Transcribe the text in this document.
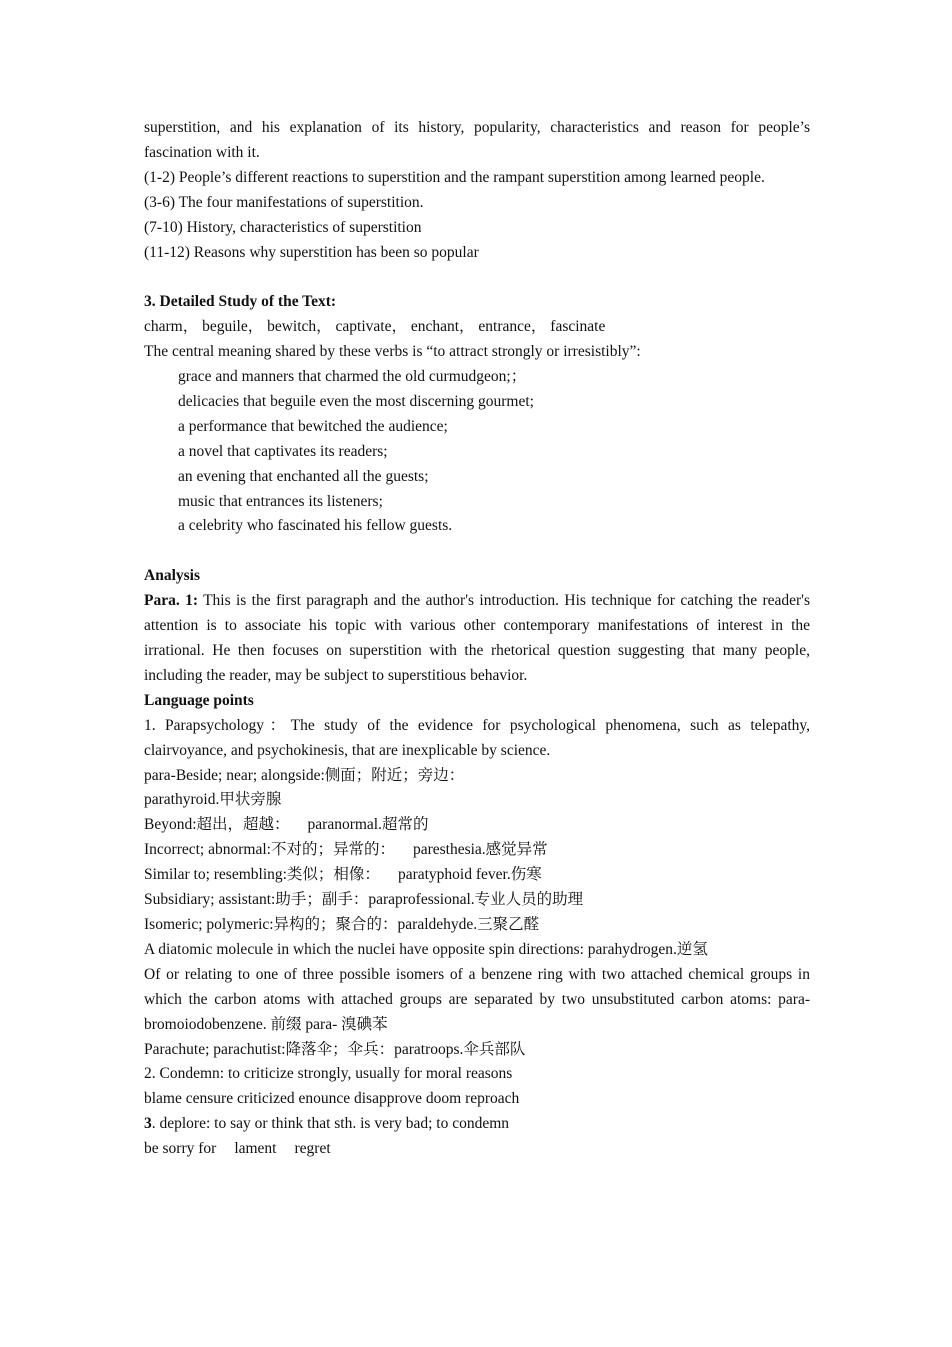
superstition, and his explanation of its history, popularity, characteristics and reason for people’s fascination with it.

(1-2) People’s different reactions to superstition and the rampant superstition among learned people.

(3-6) The four manifestations of superstition.

(7-10) History, characteristics of superstition

(11-12) Reasons why superstition has been so popular

3. Detailed Study of the Text:

charm， beguile， bewitch， captivate， enchant， entrance， fascinate

The central meaning shared by these verbs is “to attract strongly or irresistibly”:

grace and manners that charmed the old curmudgeon;；

delicacies that beguile even the most discerning gourmet;

a performance that bewitched the audience;

a novel that captivates its readers;

an evening that enchanted all the guests;

music that entrances its listeners;

a celebrity who fascinated his fellow guests.

Analysis

Para. 1: This is the first paragraph and the author's introduction. His technique for catching the reader's attention is to associate his topic with various other contemporary manifestations of interest in the irrational. He then focuses on superstition with the rhetorical question suggesting that many people, including the reader, may be subject to superstitious behavior.

Language points

1. Parapsychology：The study of the evidence for psychological phenomena, such as telepathy, clairvoyance, and psychokinesis, that are inexplicable by science.

para-Beside; near; alongside:侧面；附近；旁边：

parathyroid.甲状旁腺

Beyond:超出，超越： paranormal.超常的

Incorrect; abnormal:不对的；异常的： paresthesia.感觉异常

Similar to; resembling:类似；相像： paratyphoid fever.伤寒

Subsidiary; assistant:助手；副手：paraprofessional.专业人员的助理

Isomeric; polymeric:异构的；聚合的：paraldehyde.三聚乙醛

A diatomic molecule in which the nuclei have opposite spin directions: parahydrogen.逆氢

Of or relating to one of three possible isomers of a benzene ring with two attached chemical groups in which the carbon atoms with attached groups are separated by two unsubstituted carbon atoms: para- bromoiodobenzene. 前缀 para- 溴碘苯

Parachute; parachutist:降落伞；伞兵：paratroops.伞兵部队

2. Condemn: to criticize strongly, usually for moral reasons

blame censure criticized enounce disapprove doom reproach

3. deplore: to say or think that sth. is very bad; to condemn

be sorry for lament regret
